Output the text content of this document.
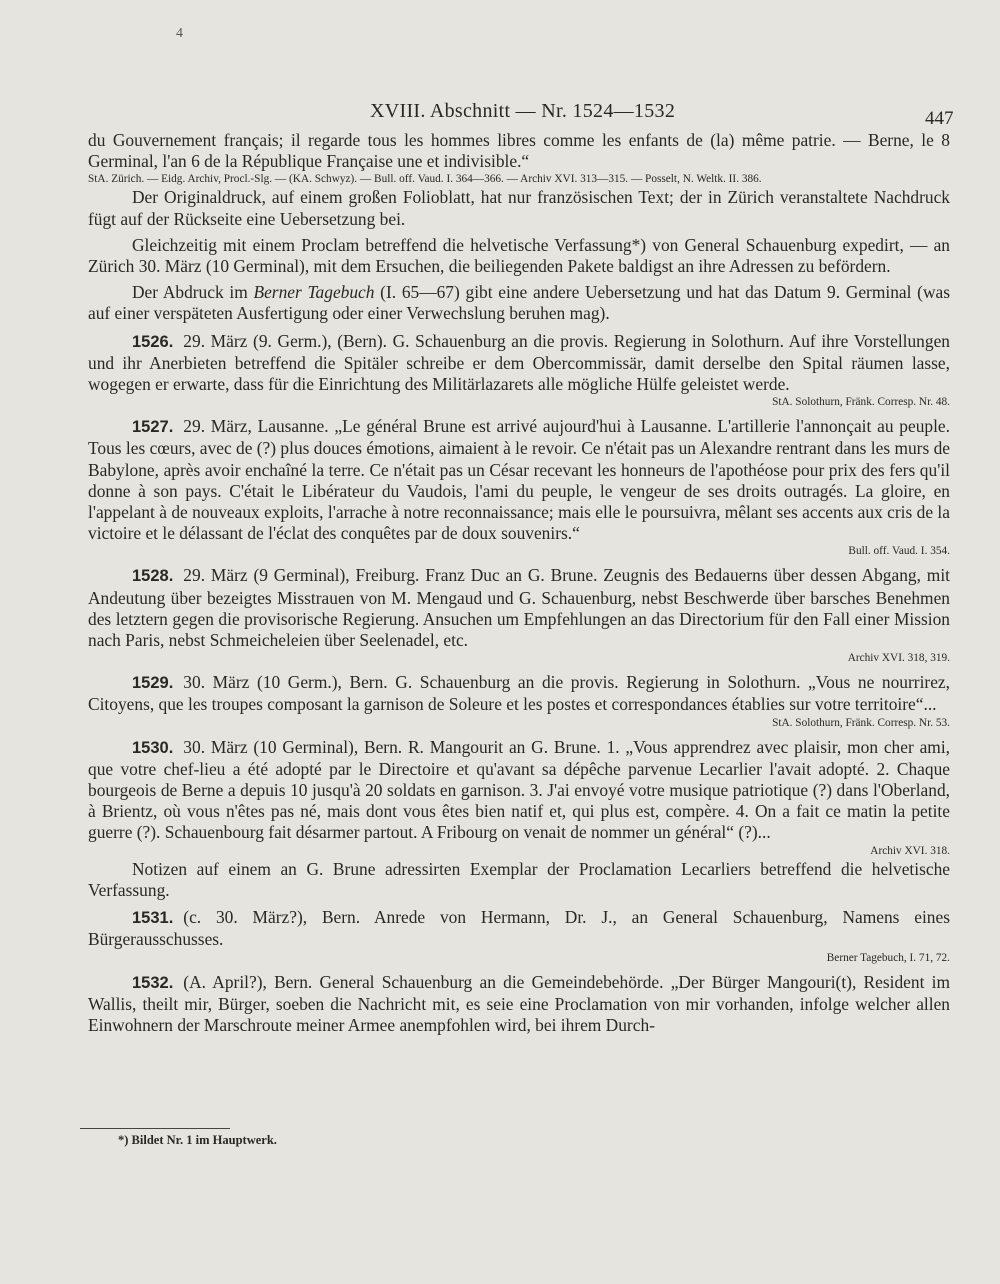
4
XVIII. Abschnitt — Nr. 1524—1532	447

du Gouvernement français; il regarde tous les hommes libres comme les enfants de (la) même patrie. — Berne, le 8 Germinal, l'an 6 de la République Française une et indivisible.“

StA. Zürich. — Eidg. Archiv, Procl.-Slg. — (KA. Schwyz). — Bull. off. Vaud. I. 364—366. — Archiv XVI. 313—315. — Posselt, N. Weltk. II. 386.

Der Originaldruck, auf einem großen Folioblatt, hat nur französischen Text; der in Zürich veranstaltete Nachdruck fügt auf der Rückseite eine Uebersetzung bei.

Gleichzeitig mit einem Proclam betreffend die helvetische Verfassung*) von General Schauenburg expedirt, — an Zürich 30. März (10 Germinal), mit dem Ersuchen, die beiliegenden Pakete baldigst an ihre Adressen zu befördern.

Der Abdruck im Berner Tagebuch (I. 65—67) gibt eine andere Uebersetzung und hat das Datum 9. Germinal (was auf einer verspäteten Ausfertigung oder einer Verwechslung beruhen mag).

1526. 29. März (9. Germ.), (Bern). G. Schauenburg an die provis. Regierung in Solothurn. Auf ihre Vorstellungen und ihr Anerbieten betreffend die Spitäler schreibe er dem Obercommissär, damit derselbe den Spital räumen lasse, wogegen er erwarte, dass für die Einrichtung des Militärlazarets alle mögliche Hülfe geleistet werde.

StA. Solothurn, Fränk. Corresp. Nr. 48.

1527. 29. März, Lausanne. „Le général Brune est arrivé aujourd'hui à Lausanne. L'artillerie l'annonçait au peuple. Tous les cœurs, avec de (?) plus douces émotions, aimaient à le revoir. Ce n'était pas un Alexandre rentrant dans les murs de Babylone, après avoir enchaîné la terre. Ce n'était pas un César recevant les honneurs de l'apothéose pour prix des fers qu'il donne à son pays. C'était le Libérateur du Vaudois, l'ami du peuple, le vengeur de ses droits outragés. La gloire, en l'appelant à de nouveaux exploits, l'arrache à notre reconnaissance; mais elle le poursuivra, mêlant ses accents aux cris de la victoire et le délassant de l'éclat des conquêtes par de doux souvenirs.“

Bull. off. Vaud. I. 354.

1528. 29. März (9 Germinal), Freiburg. Franz Duc an G. Brune. Zeugnis des Bedauerns über dessen Abgang, mit Andeutung über bezeigtes Misstrauen von M. Mengaud und G. Schauenburg, nebst Beschwerde über barsches Benehmen des letztern gegen die provisorische Regierung. Ansuchen um Empfehlungen an das Directorium für den Fall einer Mission nach Paris, nebst Schmeicheleien über Seelenadel, etc.

Archiv XVI. 318, 319.

1529. 30. März (10 Germ.), Bern. G. Schauenburg an die provis. Regierung in Solothurn. „Vous ne nourrirez, Citoyens, que les troupes composant la garnison de Soleure et les postes et correspondances établies sur votre territoire“...

StA. Solothurn, Fränk. Corresp. Nr. 53.

1530. 30. März (10 Germinal), Bern. R. Mangourit an G. Brune. 1. „Vous apprendrez avec plaisir, mon cher ami, que votre chef-lieu a été adopté par le Directoire et qu'avant sa dépêche parvenue Lecarlier l'avait adopté. 2. Chaque bourgeois de Berne a depuis 10 jusqu'à 20 soldats en garnison. 3. J'ai envoyé votre musique patriotique (?) dans l'Oberland, à Brientz, où vous n'êtes pas né, mais dont vous êtes bien natif et, qui plus est, compère. 4. On a fait ce matin la petite guerre (?). Schauenbourg fait désarmer partout. A Fribourg on venait de nommer un général“ (?)...

Archiv XVI. 318.

Notizen auf einem an G. Brune adressirten Exemplar der Proclamation Lecarliers betreffend die helvetische Verfassung.

1531. (c. 30. März?), Bern. Anrede von Hermann, Dr. J., an General Schauenburg, Namens eines Bürgerausschusses.

Berner Tagebuch, I. 71, 72.

1532. (A. April?), Bern. General Schauenburg an die Gemeindebehörde. „Der Bürger Mangouri(t), Resident im Wallis, theilt mir, Bürger, soeben die Nachricht mit, es seie eine Proclamation von mir vorhanden, infolge welcher allen Einwohnern der Marschroute meiner Armee anempfohlen wird, bei ihrem Durch-

*) Bildet Nr. 1 im Hauptwerk.
